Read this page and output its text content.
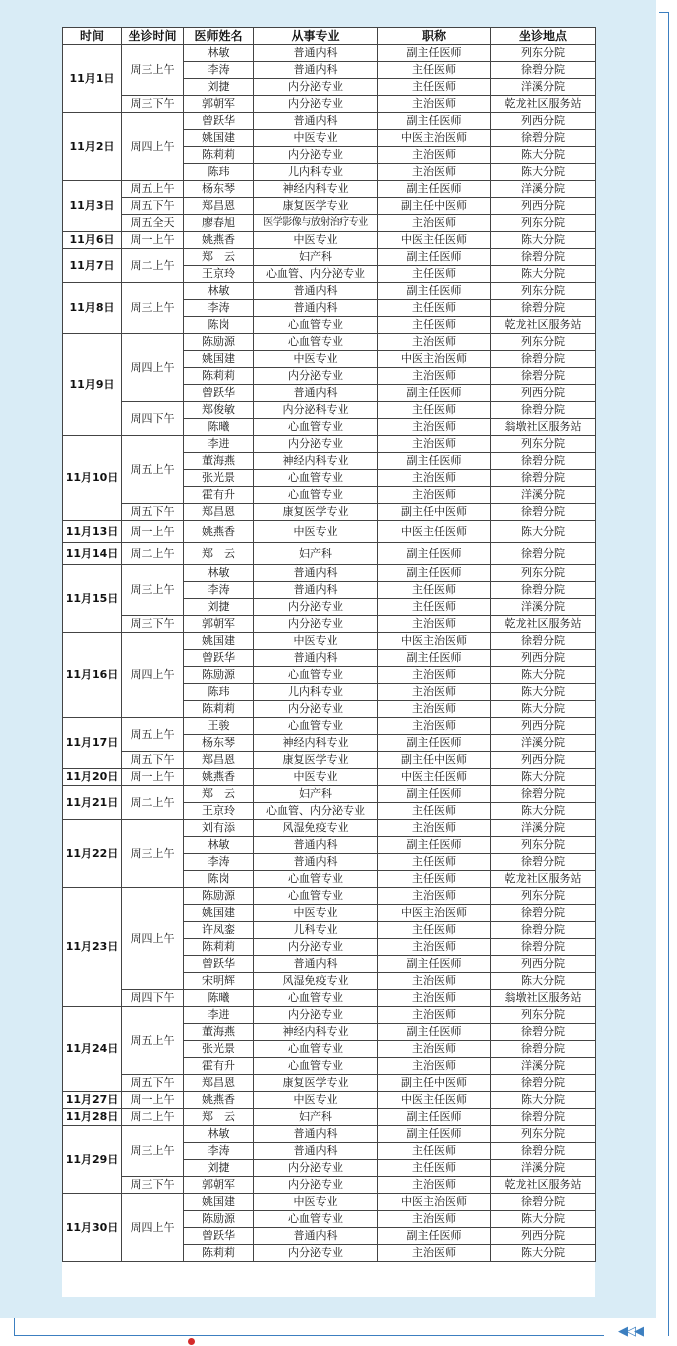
◀◁◀
时间	坐诊时间	医师姓名	从事专业	职称	坐诊地点
11月1日	周三上午	林敏	普通内科	副主任医师	列东分院
		李涛	普通内科	主任医师	徐碧分院
		刘捷	内分泌专业	主任医师	洋溪分院
	周三下午	郭朝军	内分泌专业	主治医师	乾龙社区服务站
11月2日	周四上午	曾跃华	普通内科	副主任医师	列西分院
		姚国建	中医专业	中医主治医师	徐碧分院
		陈莉莉	内分泌专业	主治医师	陈大分院
		陈玮	儿内科专业	主治医师	陈大分院
11月3日	周五上午	杨东琴	神经内科专业	副主任医师	洋溪分院
	周五下午	郑昌恩	康复医学专业	副主任中医师	列西分院
	周五全天	廖春旭	医学影像与放射治疗专业	主治医师	列东分院
11月6日	周一上午	姚燕香	中医专业	中医主任医师	陈大分院
11月7日	周二上午	郑　云	妇产科	副主任医师	徐碧分院
		王京玲	心血管、内分泌专业	主任医师	陈大分院
11月8日	周三上午	林敏	普通内科	副主任医师	列东分院
		李涛	普通内科	主任医师	徐碧分院
		陈岗	心血管专业	主任医师	乾龙社区服务站
11月9日	周四上午	陈励源	心血管专业	主治医师	列东分院
		姚国建	中医专业	中医主治医师	徐碧分院
		陈莉莉	内分泌专业	主治医师	徐碧分院
		曾跃华	普通内科	副主任医师	列西分院
	周四下午	郑俊敏	内分泌科专业	主任医师	徐碧分院
		陈曦	心血管专业	主治医师	翁墩社区服务站
11月10日	周五上午	李进	内分泌专业	主治医师	列东分院
		董海燕	神经内科专业	副主任医师	徐碧分院
		张光景	心血管专业	主治医师	徐碧分院
		霍有升	心血管专业	主治医师	洋溪分院
	周五下午	郑昌恩	康复医学专业	副主任中医师	徐碧分院
11月13日	周一上午	姚燕香	中医专业	中医主任医师	陈大分院
11月14日	周二上午	郑　云	妇产科	副主任医师	徐碧分院
11月15日	周三上午	林敏	普通内科	副主任医师	列东分院
		李涛	普通内科	主任医师	徐碧分院
		刘捷	内分泌专业	主任医师	洋溪分院
	周三下午	郭朝军	内分泌专业	主治医师	乾龙社区服务站
11月16日	周四上午	姚国建	中医专业	中医主治医师	徐碧分院
		曾跃华	普通内科	副主任医师	列西分院
		陈励源	心血管专业	主治医师	陈大分院
		陈玮	儿内科专业	主治医师	陈大分院
		陈莉莉	内分泌专业	主治医师	陈大分院
11月17日	周五上午	王骏	心血管专业	主治医师	列西分院
		杨东琴	神经内科专业	副主任医师	洋溪分院
	周五下午	郑昌恩	康复医学专业	副主任中医师	列西分院
11月20日	周一上午	姚燕香	中医专业	中医主任医师	陈大分院
11月21日	周二上午	郑　云	妇产科	副主任医师	徐碧分院
		王京玲	心血管、内分泌专业	主任医师	陈大分院
11月22日	周三上午	刘有添	风湿免疫专业	主治医师	洋溪分院
		林敏	普通内科	副主任医师	列东分院
		李涛	普通内科	主任医师	徐碧分院
		陈岗	心血管专业	主任医师	乾龙社区服务站
11月23日	周四上午	陈励源	心血管专业	主治医师	列东分院
		姚国建	中医专业	中医主治医师	徐碧分院
		许凤銮	儿科专业	主任医师	徐碧分院
		陈莉莉	内分泌专业	主治医师	徐碧分院
		曾跃华	普通内科	副主任医师	列西分院
		宋明辉	风湿免疫专业	主治医师	陈大分院
	周四下午	陈曦	心血管专业	主治医师	翁墩社区服务站
11月24日	周五上午	李进	内分泌专业	主治医师	列东分院
		董海燕	神经内科专业	副主任医师	徐碧分院
		张光景	心血管专业	主治医师	徐碧分院
		霍有升	心血管专业	主治医师	洋溪分院
	周五下午	郑昌恩	康复医学专业	副主任中医师	徐碧分院
11月27日	周一上午	姚燕香	中医专业	中医主任医师	陈大分院
11月28日	周二上午	郑　云	妇产科	副主任医师	徐碧分院
11月29日	周三上午	林敏	普通内科	副主任医师	列东分院
		李涛	普通内科	主任医师	徐碧分院
		刘捷	内分泌专业	主任医师	洋溪分院
	周三下午	郭朝军	内分泌专业	主治医师	乾龙社区服务站
11月30日	周四上午	姚国建	中医专业	中医主治医师	徐碧分院
		陈励源	心血管专业	主治医师	陈大分院
		曾跃华	普通内科	副主任医师	列西分院
		陈莉莉	内分泌专业	主治医师	陈大分院
